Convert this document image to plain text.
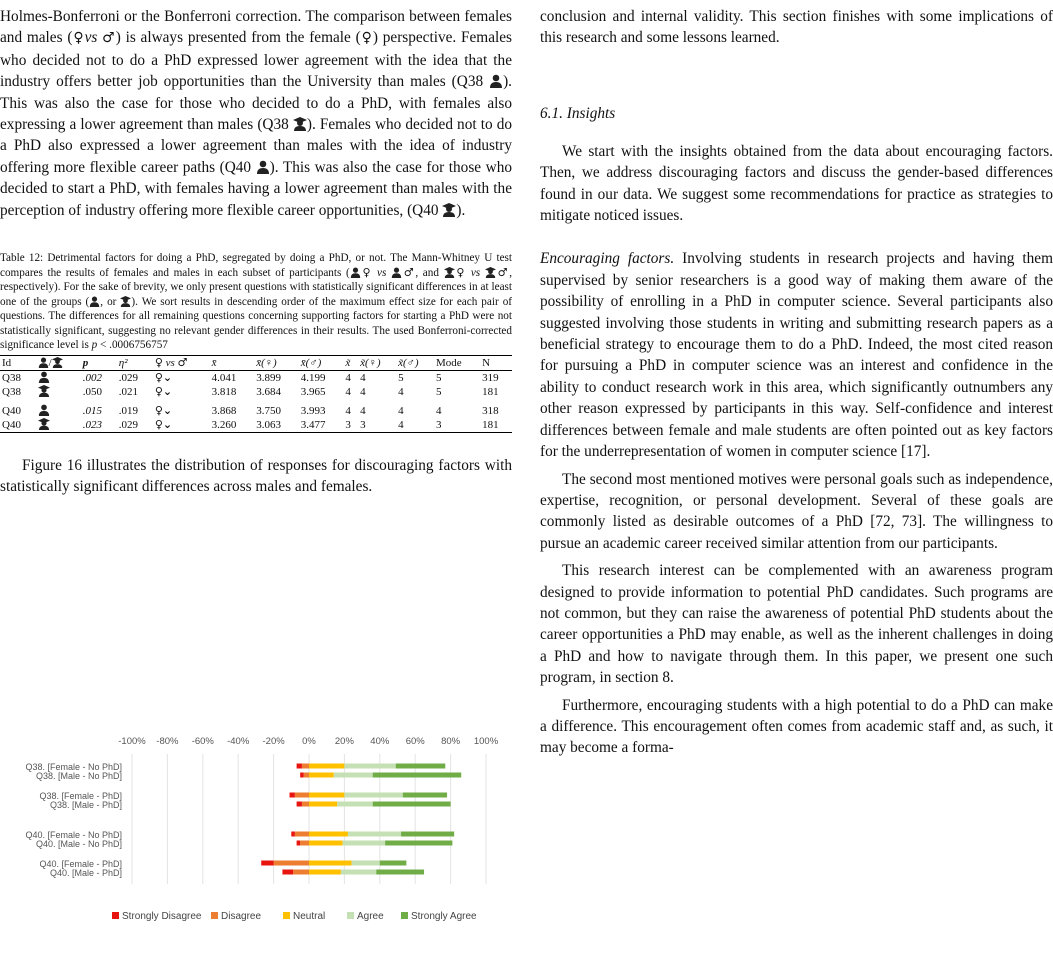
Holmes-Bonferroni or the Bonferroni correction. The comparison between females and males (♀vs ♂) is always presented from the female (♀) perspective. Females who decided not to do a PhD expressed lower agreement with the idea that the industry offers better job opportunities than the University than males (Q38 ). This was also the case for those who decided to do a PhD, with females also expressing a lower agreement than males (Q38 ). Females who decided not to do a PhD also expressed a lower agreement than males with the idea of industry offering more flexible career paths (Q40 ). This was also the case for those who decided to start a PhD, with females having a lower agreement than males with the perception of industry offering more flexible career opportunities, (Q40 ).

Table 12: Detrimental factors for doing a PhD, segregated by doing a PhD, or not. The Mann-Whitney U test compares the results of females and males in each subset of participants ( ♀ vs ♂, and ♀ vs ♂, respectively). For the sake of brevity, we only present questions with statistically significant differences in at least one of the groups ( , or ). We sort results in descending order of the maximum effect size for each pair of questions. The differences for all remaining questions concerning supporting factors for starting a PhD were not statistically significant, suggesting no relevant gender differences in their results. The used Bonferroni-corrected significance level is p < .0006756757

Id	/	p	η²	♀ vs ♂	x̄	x̄(♀)	x̄(♂)	x̃	x̃(♀)	x̃(♂)	Mode	N
Q38		.002	.029	♀⌄	4.041	3.899	4.199	4	4	5	5	319
Q38		.050	.021	♀⌄	3.818	3.684	3.965	4	4	4	5	181

Q40		.015	.019	♀⌄	3.868	3.750	3.993	4	4	4	4	318
Q40		.023	.029	♀⌄	3.260	3.063	3.477	3	3	4	3	181

Figure 16 illustrates the distribution of responses for discouraging factors with statistically significant differences across males and females.

-100% -80% -60% -40% -20% 0% 20% 40% 60% 80% 100%
Q38. [Female - No PhD]
Q38. [Male - No PhD]
Q38. [Female - PhD]
Q38. [Male - PhD]
Q40. [Female - No PhD]
Q40. [Male - No PhD]
Q40. [Female - PhD]
Q40. [Male - PhD]
Strongly Disagree Disagree	Neutral	Agree	Strongly Agree

conclusion and internal validity. This section finishes with some implications of this research and some lessons learned.

6.1. Insights

We start with the insights obtained from the data about encouraging factors. Then, we address discouraging factors and discuss the gender-based differences found in our data. We suggest some recommendations for practice as strategies to mitigate noticed issues.

Encouraging factors. Involving students in research projects and having them supervised by senior researchers is a good way of making them aware of the possibility of enrolling in a PhD in computer science. Several participants also suggested involving those students in writing and submitting research papers as a beneficial strategy to encourage them to do a PhD. Indeed, the most cited reason for pursuing a PhD in computer science was an interest and confidence in the ability to conduct research work in this area, which significantly outnumbers any other reason expressed by participants in this way. Self-confidence and interest differences between female and male students are often pointed out as key factors for the underrepresentation of women in computer science [17].

The second most mentioned motives were personal goals such as independence, expertise, recognition, or personal development. Several of these goals are commonly listed as desirable outcomes of a PhD [72, 73]. The willingness to pursue an academic career received similar attention from our participants.

This research interest can be complemented with an awareness program designed to provide information to potential PhD candidates. Such programs are not common, but they can raise the awareness of potential PhD students about the career opportunities a PhD may enable, as well as the inherent challenges in doing a PhD and how to navigate through them. In this paper, we present one such program, in section 8.

Furthermore, encouraging students with a high potential to do a PhD can make a difference. This encouragement often comes from academic staff and, as such, it may become a forma-
